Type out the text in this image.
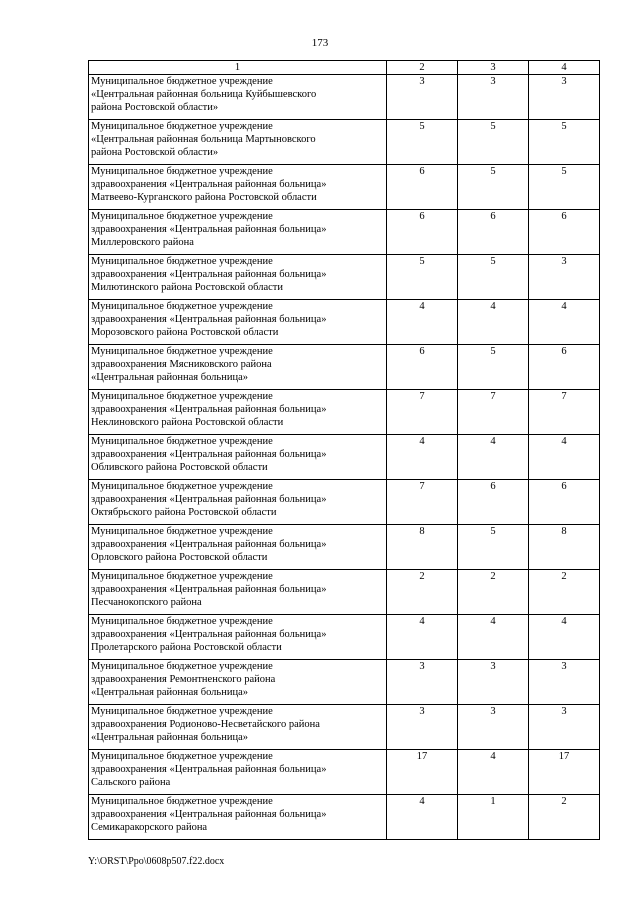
173
1	2	3	4

Муниципальное бюджетное учреждение
«Центральная районная больница Куйбышевского
района Ростовской области»	3	3	3

Муниципальное бюджетное учреждение
«Центральная районная больница Мартыновского
района Ростовской области»	5	5	5

Муниципальное бюджетное учреждение
здравоохранения «Центральная районная больница»
Матвеево-Курганского района Ростовской области	6	5	5

Муниципальное бюджетное учреждение
здравоохранения «Центральная районная больница»
Миллеровского района	6	6	6

Муниципальное бюджетное учреждение
здравоохранения «Центральная районная больница»
Милютинского района Ростовской области	5	5	3

Муниципальное бюджетное учреждение
здравоохранения «Центральная районная больница»
Морозовского района Ростовской области	4	4	4

Муниципальное бюджетное учреждение
здравоохранения Мясниковского района
«Центральная районная больница»	6	5	6

Муниципальное бюджетное учреждение
здравоохранения «Центральная районная больница»
Неклиновского района Ростовской области	7	7	7

Муниципальное бюджетное учреждение
здравоохранения «Центральная районная больница»
Обливского района Ростовской области	4	4	4

Муниципальное бюджетное учреждение
здравоохранения «Центральная районная больница»
Октябрьского района Ростовской области	7	6	6

Муниципальное бюджетное учреждение
здравоохранения «Центральная районная больница»
Орловского района Ростовской области	8	5	8

Муниципальное бюджетное учреждение
здравоохранения «Центральная районная больница»
Песчанокопского района	2	2	2

Муниципальное бюджетное учреждение
здравоохранения «Центральная районная больница»
Пролетарского района Ростовской области	4	4	4

Муниципальное бюджетное учреждение
здравоохранения Ремонтненского района
«Центральная районная больница»	3	3	3

Муниципальное бюджетное учреждение
здравоохранения Родионово-Несветайского района
«Центральная районная больница»	3	3	3

Муниципальное бюджетное учреждение
здравоохранения «Центральная районная больница»
Сальского района	17	4	17

Муниципальное бюджетное учреждение
здравоохранения «Центральная районная больница»
Семикаракорского района	4	1	2
Y:\ORST\Ppo\0608p507.f22.docx
